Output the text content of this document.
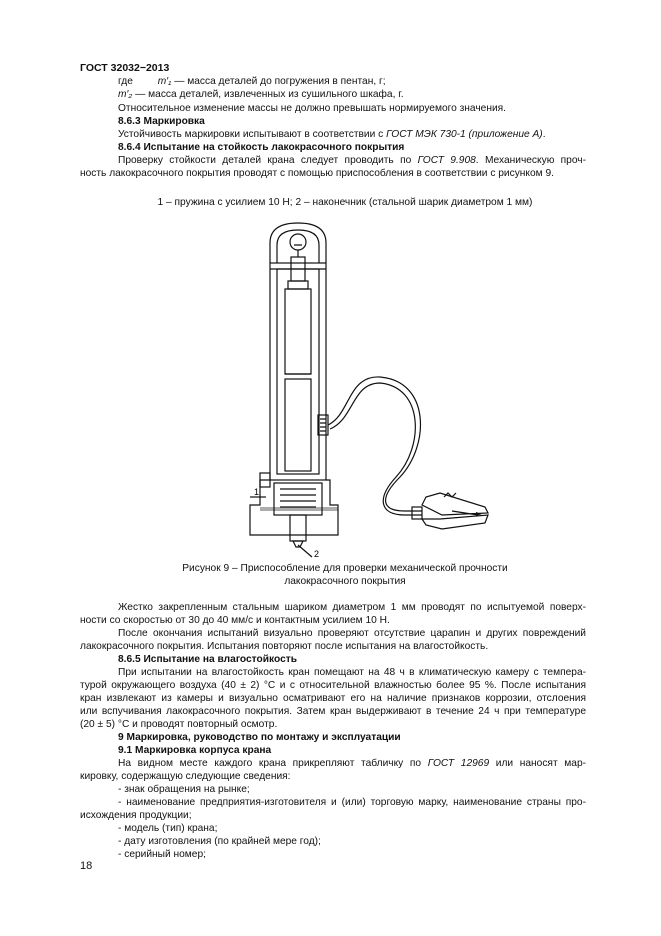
ГОСТ 32032−2013
где m′₁ — масса деталей до погружения в пентан, г;
m′₂ — масса деталей, извлеченных из сушильного шкафа, г.
Относительное изменение массы не должно превышать нормируемого значения.
8.6.3 Маркировка
Устойчивость маркировки испытывают в соответствии с ГОСТ МЭК 730-1 (приложение А).
8.6.4 Испытание на стойкость лакокрасочного покрытия
Проверку стойкости деталей крана следует проводить по ГОСТ 9.908. Механическую проч-
ность лакокрасочного покрытия проводят с помощью приспособления в соответствии с рисунком 9.
1 – пружина с усилием 10 Н; 2 – наконечник (стальной шарик диаметром 1 мм)
1
2
Рисунок 9 – Приспособление для проверки механической прочности
лакокрасочного покрытия
Жестко закрепленным стальным шариком диаметром 1 мм проводят по испытуемой поверх-
ности со скоростью от 30 до 40 мм/с и контактным усилием 10 Н.
После окончания испытаний визуально проверяют отсутствие царапин и других повреждений
лакокрасочного покрытия. Испытания повторяют после испытания на влагостойкость.
8.6.5 Испытание на влагостойкость
При испытании на влагостойкость кран помещают на 48 ч в климатическую камеру с темпера-
турой окружающего воздуха (40 ± 2) °С и с относительной влажностью более 95 %. После испытания
кран извлекают из камеры и визуально осматривают его на наличие признаков коррозии, отслоения
или вспучивания лакокрасочного покрытия. Затем кран выдерживают в течение 24 ч при температуре
(20 ± 5) °С и проводят повторный осмотр.
9 Маркировка, руководство по монтажу и эксплуатации
9.1 Маркировка корпуса крана
На видном месте каждого крана прикрепляют табличку по ГОСТ 12969 или наносят мар-
кировку, содержащую следующие сведения:
- знак обращения на рынке;
- наименование предприятия-изготовителя и (или) торговую марку, наименование страны про-
исхождения продукции;
- модель (тип) крана;
- дату изготовления (по крайней мере год);
- серийный номер;
18
